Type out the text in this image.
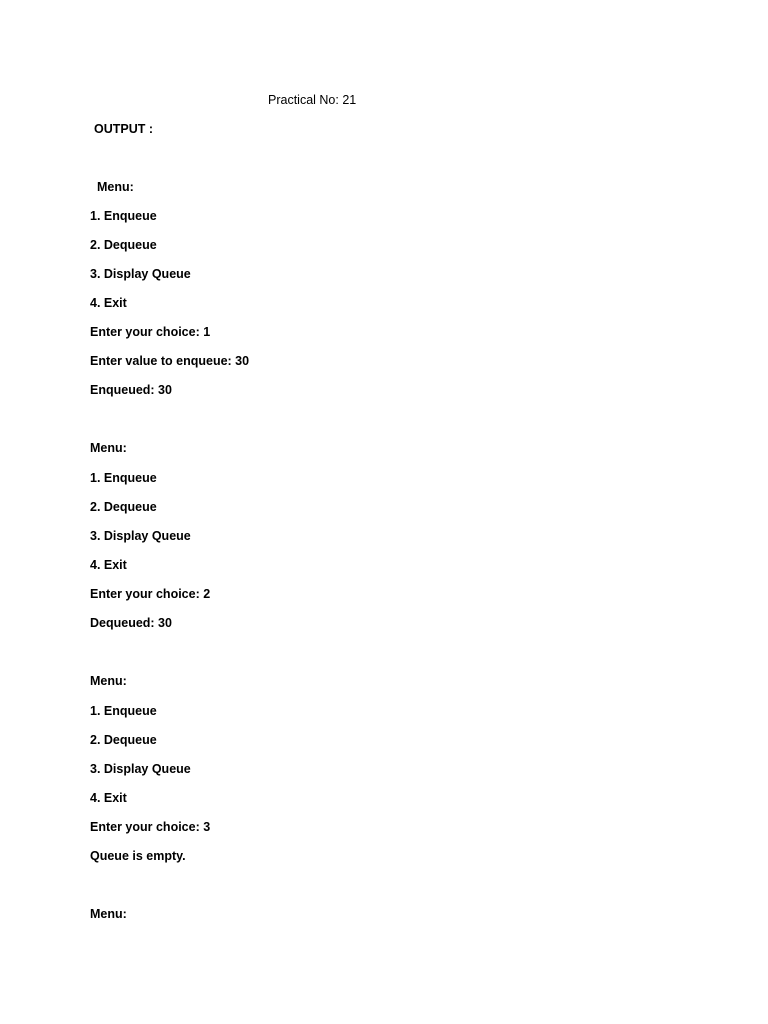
Practical No: 21
OUTPUT :
Menu:
1. Enqueue
2. Dequeue
3. Display Queue
4. Exit
Enter your choice: 1
Enter value to enqueue: 30
Enqueued: 30
Menu:
1. Enqueue
2. Dequeue
3. Display Queue
4. Exit
Enter your choice: 2
Dequeued: 30
Menu:
1. Enqueue
2. Dequeue
3. Display Queue
4. Exit
Enter your choice: 3
Queue is empty.
Menu:
